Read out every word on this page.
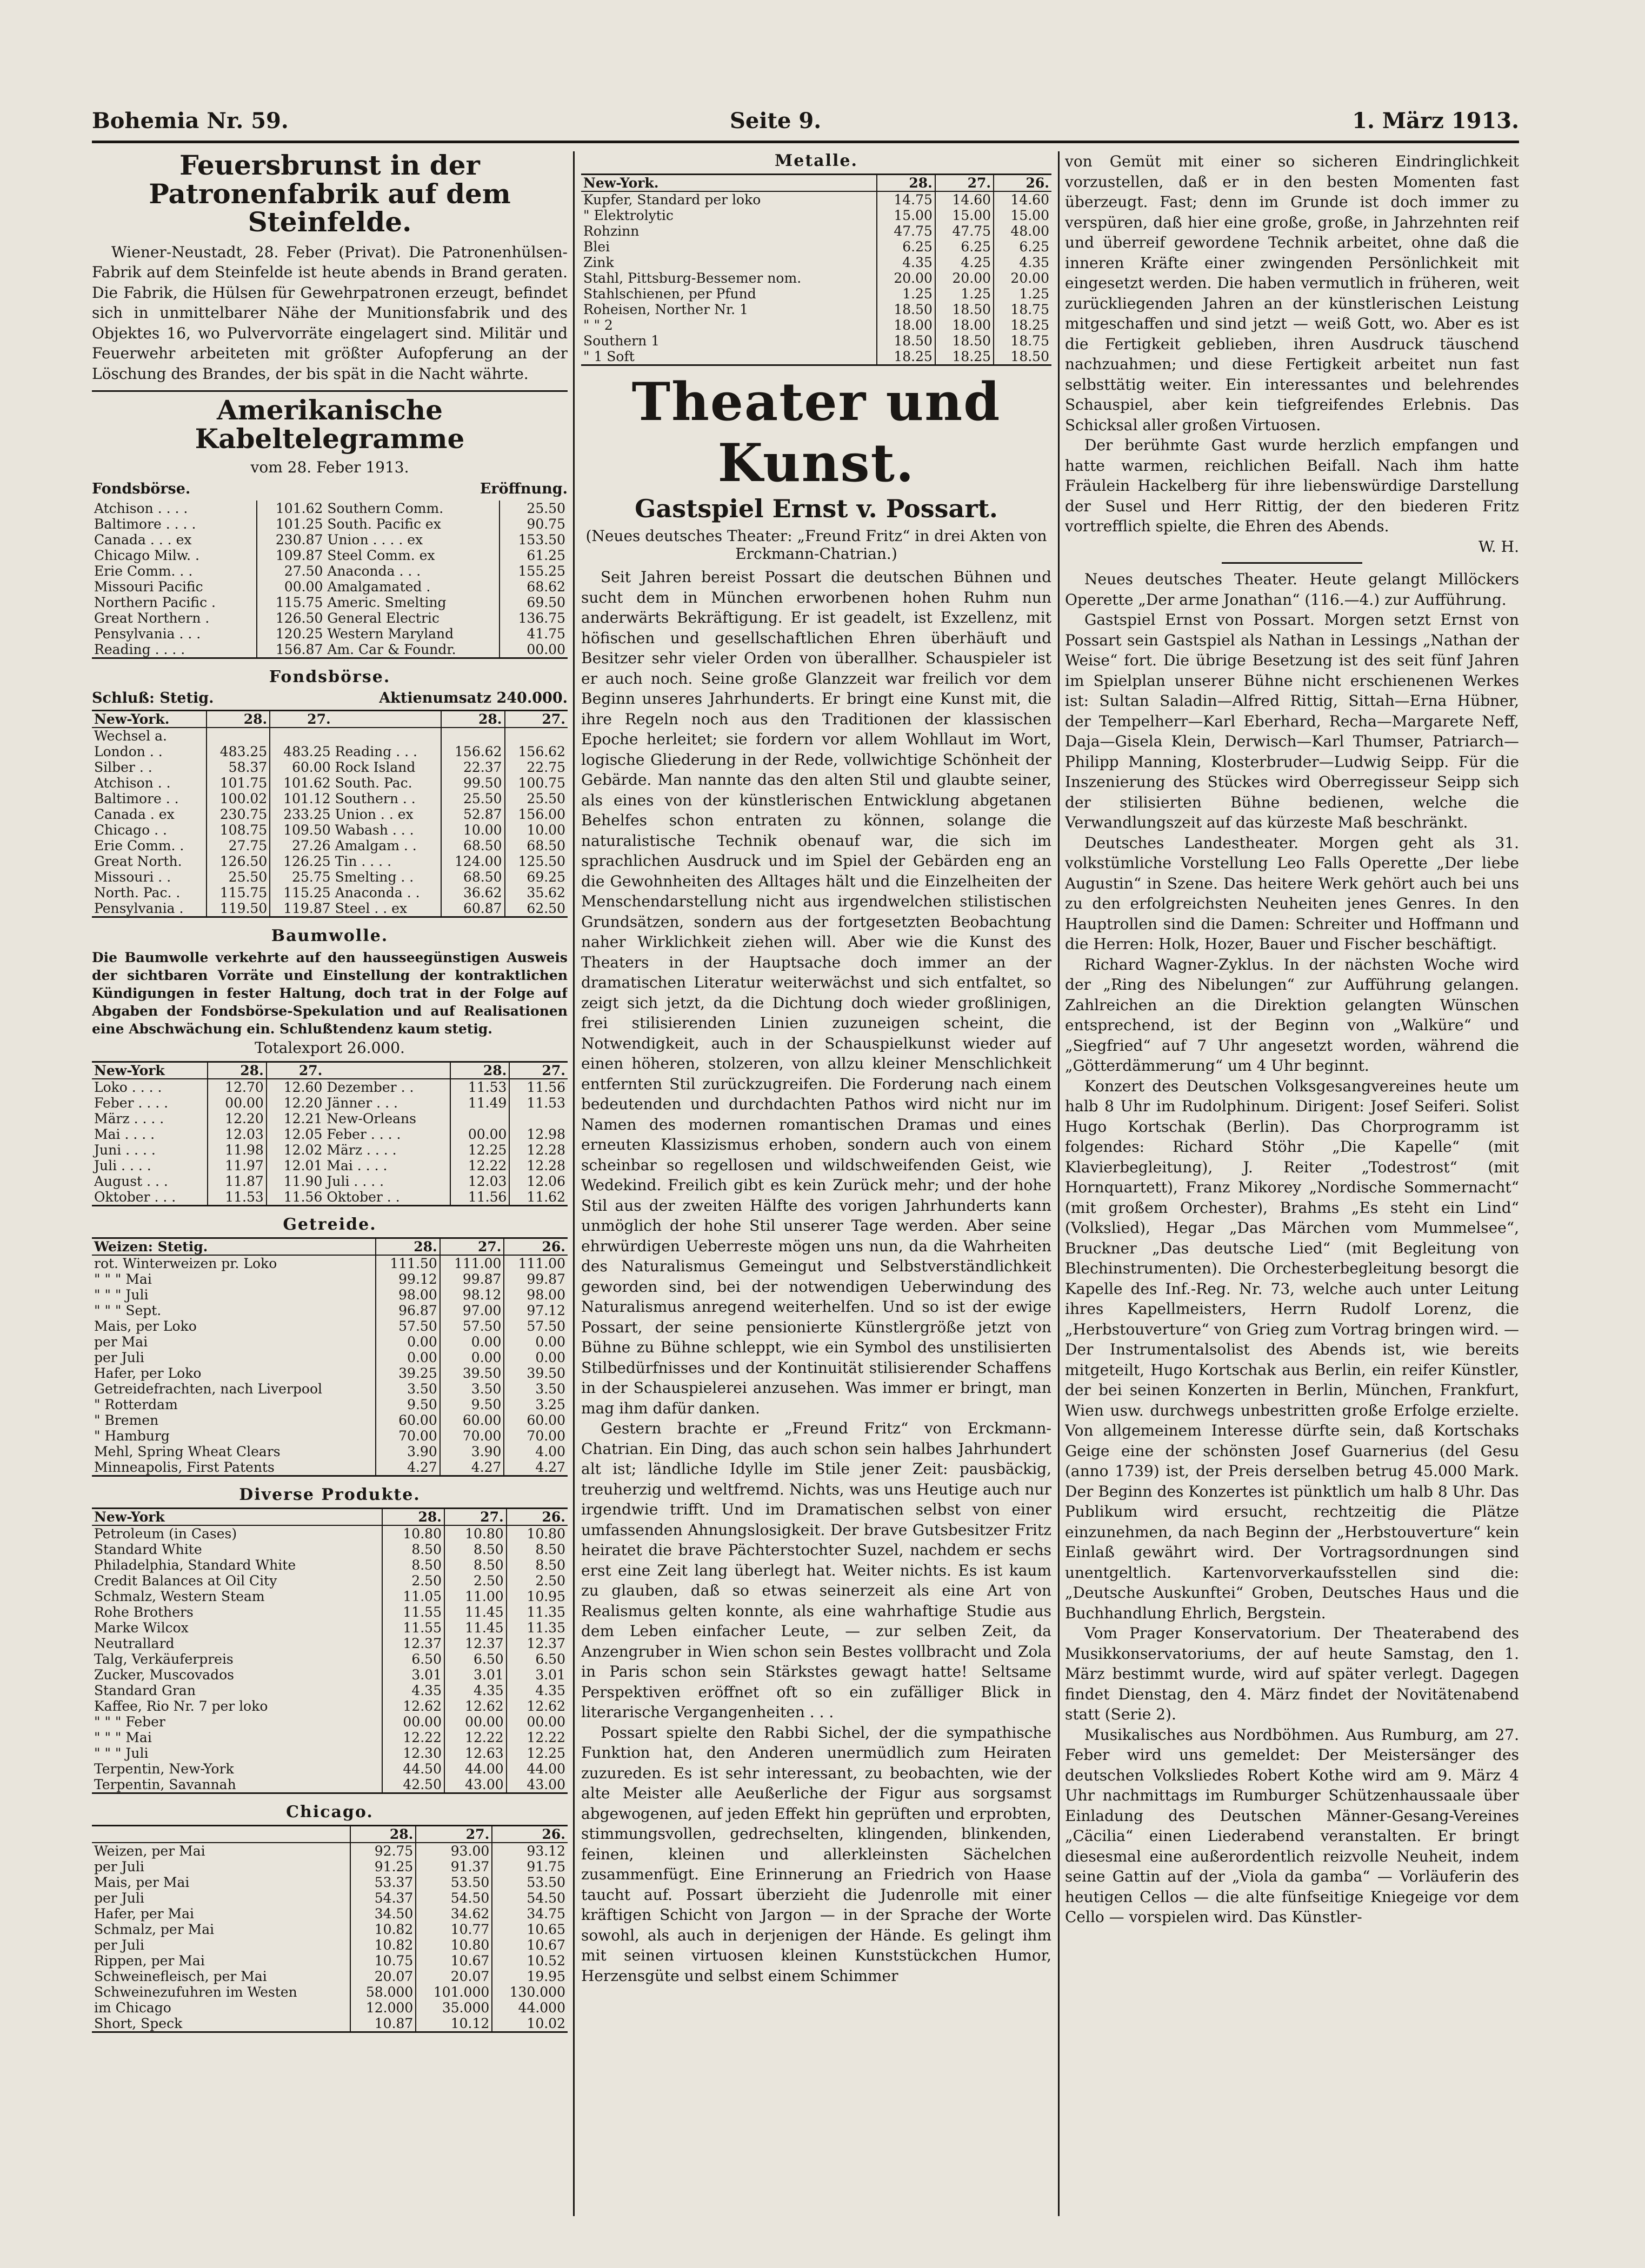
Bohemia Nr. 59.	Seite 9.	1. März 1913.
Feuersbrunst in der Patronenfabrik auf dem Steinfelde.

Wiener-Neustadt, 28. Feber (Privat). Die Patronenhülsen-Fabrik auf dem Steinfelde ist heute abends in Brand geraten. Die Fabrik, die Hülsen für Gewehrpatronen erzeugt, befindet sich in unmittelbarer Nähe der Munitionsfabrik und des Objektes 16, wo Pulvervorräte eingelagert sind. Militär und Feuerwehr arbeiteten mit größter Aufopferung an der Löschung des Brandes, der bis spät in die Nacht währte.

Amerikanische Kabeltelegramme
vom 28. Feber 1913.
Fondsbörse.	Eröffnung.
Atchison . . . .	101.62	Southern Comm.	25.50
Baltimore . . . .	101.25	South. Pacific ex	90.75
Canada . . . ex	230.87	Union . . . . ex	153.50
Chicago Milw. .	109.87	Steel Comm. ex	61.25
Erie Comm. . .	27.50	Anaconda . . .	155.25
Missouri Pacific	00.00	Amalgamated .	68.62
Northern Pacific .	115.75	Americ. Smelting	69.50
Great Northern .	126.50	General Electric	136.75
Pensylvania . . .	120.25	Western Maryland	41.75
Reading . . . .	156.87	Am. Car & Foundr.	00.00
Fondsbörse.
Schluß: Stetig.	Aktienumsatz 240.000.
New-York.	28.	27.		28.	27.
Wechsel a.					
London . .	483.25	483.25	Reading . . .	156.62	156.62
Silber . .	58.37	60.00	Rock Island	22.37	22.75
Atchison . .	101.75	101.62	South. Pac.	99.50	100.75
Baltimore . .	100.02	101.12	Southern . .	25.50	25.50
Canada . ex	230.75	233.25	Union . . ex	52.87	156.00
Chicago . .	108.75	109.50	Wabash . . .	10.00	10.00
Erie Comm. .	27.75	27.26	Amalgam . .	68.50	68.50
Great North.	126.50	126.25	Tin . . . .	124.00	125.50
Missouri . .	25.50	25.75	Smelting . .	68.50	69.25
North. Pac. .	115.75	115.25	Anaconda . .	36.62	35.62
Pensylvania .	119.50	119.87	Steel . . ex	60.87	62.50
Baumwolle.

Die Baumwolle verkehrte auf den hausseegünstigen Ausweis der sichtbaren Vorräte und Einstellung der kontraktlichen Kündigungen in fester Haltung, doch trat in der Folge auf Abgaben der Fondsbörse-Spekulation und auf Realisationen eine Abschwächung ein. Schlußtendenz kaum stetig.

Totalexport 26.000.
New-York	28.	27.		28.	27.
Loko . . . .	12.70	12.60	Dezember . .	11.53	11.56
Feber . . . .	00.00	12.20	Jänner . . .	11.49	11.53
März . . . .	12.20	12.21	New-Orleans		
Mai . . . .	12.03	12.05	Feber . . . .	00.00	12.98
Juni . . . .	11.98	12.02	März . . . .	12.25	12.28
Juli . . . .	11.97	12.01	Mai . . . .	12.22	12.28
August . . .	11.87	11.90	Juli . . . .	12.03	12.06
Oktober . . .	11.53	11.56	Oktober . .	11.56	11.62
Getreide.
Weizen: Stetig.	28.	27.	26.
rot. Winterweizen pr. Loko	111.50	111.00	111.00
" " " Mai	99.12	99.87	99.87
" " " Juli	98.00	98.12	98.00
" " " Sept.	96.87	97.00	97.12
Mais, per Loko	57.50	57.50	57.50
per Mai	0.00	0.00	0.00
per Juli	0.00	0.00	0.00
Hafer, per Loko	39.25	39.50	39.50
Getreidefrachten, nach Liverpool	3.50	3.50	3.50
" Rotterdam	9.50	9.50	3.25
" Bremen	60.00	60.00	60.00
" Hamburg	70.00	70.00	70.00
Mehl, Spring Wheat Clears	3.90	3.90	4.00
Minneapolis, First Patents	4.27	4.27	4.27
Diverse Produkte.
New-York	28.	27.	26.
Petroleum (in Cases)	10.80	10.80	10.80
Standard White	8.50	8.50	8.50
Philadelphia, Standard White	8.50	8.50	8.50
Credit Balances at Oil City	2.50	2.50	2.50
Schmalz, Western Steam	11.05	11.00	10.95
Rohe Brothers	11.55	11.45	11.35
Marke Wilcox	11.55	11.45	11.35
Neutrallard	12.37	12.37	12.37
Talg, Verkäuferpreis	6.50	6.50	6.50
Zucker, Muscovados	3.01	3.01	3.01
Standard Gran	4.35	4.35	4.35
Kaffee, Rio Nr. 7 per loko	12.62	12.62	12.62
" " " Feber	00.00	00.00	00.00
" " " Mai	12.22	12.22	12.22
" " " Juli	12.30	12.63	12.25
Terpentin, New-York	44.50	44.00	44.00
Terpentin, Savannah	42.50	43.00	43.00
Chicago.
	28.	27.	26.
Weizen, per Mai	92.75	93.00	93.12
per Juli	91.25	91.37	91.75
Mais, per Mai	53.37	53.50	53.50
per Juli	54.37	54.50	54.50
Hafer, per Mai	34.50	34.62	34.75
Schmalz, per Mai	10.82	10.77	10.65
per Juli	10.82	10.80	10.67
Rippen, per Mai	10.75	10.67	10.52
Schweinefleisch, per Mai	20.07	20.07	19.95
Schweinezufuhren im Westen	58.000	101.000	130.000
im Chicago	12.000	35.000	44.000
Short, Speck	10.87	10.12	10.02
Metalle.
New-York.	28.	27.	26.
Kupfer, Standard per loko	14.75	14.60	14.60
" Elektrolytic	15.00	15.00	15.00
Rohzinn	47.75	47.75	48.00
Blei	6.25	6.25	6.25
Zink	4.35	4.25	4.35
Stahl, Pittsburg-Bessemer nom.	20.00	20.00	20.00
Stahlschienen, per Pfund	1.25	1.25	1.25
Roheisen, Norther Nr. 1	18.50	18.50	18.75
" " 2	18.00	18.00	18.25
Southern 1	18.50	18.50	18.75
" 1 Soft	18.25	18.25	18.50
Theater und Kunst.
Gastspiel Ernst v. Possart.
(Neues deutsches Theater: „Freund Fritz“ in drei Akten von Erckmann-Chatrian.)

Seit Jahren bereist Possart die deutschen Bühnen und sucht dem in München erworbenen hohen Ruhm nun anderwärts Bekräftigung. Er ist geadelt, ist Exzellenz, mit höfischen und gesellschaftlichen Ehren überhäuft und Besitzer sehr vieler Orden von überallher. Schauspieler ist er auch noch. Seine große Glanzzeit war freilich vor dem Beginn unseres Jahrhunderts. Er bringt eine Kunst mit, die ihre Regeln noch aus den Traditionen der klassischen Epoche herleitet; sie fordern vor allem Wohllaut im Wort, logische Gliederung in der Rede, vollwichtige Schönheit der Gebärde. Man nannte das den alten Stil und glaubte seiner, als eines von der künstlerischen Entwicklung abgetanen Behelfes schon entraten zu können, solange die naturalistische Technik obenauf war, die sich im sprachlichen Ausdruck und im Spiel der Gebärden eng an die Gewohnheiten des Alltages hält und die Einzelheiten der Menschendarstellung nicht aus irgendwelchen stilistischen Grundsätzen, sondern aus der fortgesetzten Beobachtung naher Wirklichkeit ziehen will. Aber wie die Kunst des Theaters in der Hauptsache doch immer an der dramatischen Literatur weiterwächst und sich entfaltet, so zeigt sich jetzt, da die Dichtung doch wieder großlinigen, frei stilisierenden Linien zuzuneigen scheint, die Notwendigkeit, auch in der Schauspielkunst wieder auf einen höheren, stolzeren, von allzu kleiner Menschlichkeit entfernten Stil zurückzugreifen. Die Forderung nach einem bedeutenden und durchdachten Pathos wird nicht nur im Namen des modernen romantischen Dramas und eines erneuten Klassizismus erhoben, sondern auch von einem scheinbar so regellosen und wildschweifenden Geist, wie Wedekind. Freilich gibt es kein Zurück mehr; und der hohe Stil aus der zweiten Hälfte des vorigen Jahrhunderts kann unmöglich der hohe Stil unserer Tage werden. Aber seine ehrwürdigen Ueberreste mögen uns nun, da die Wahrheiten des Naturalismus Gemeingut und Selbstverständlichkeit geworden sind, bei der notwendigen Ueberwindung des Naturalismus anregend weiterhelfen. Und so ist der ewige Possart, der seine pensionierte Künstlergröße jetzt von Bühne zu Bühne schleppt, wie ein Symbol des unstilisierten Stilbedürfnisses und der Kontinuität stilisierender Schaffens in der Schauspielerei anzusehen. Was immer er bringt, man mag ihm dafür danken.

Gestern brachte er „Freund Fritz“ von Erckmann-Chatrian. Ein Ding, das auch schon sein halbes Jahrhundert alt ist; ländliche Idylle im Stile jener Zeit: pausbäckig, treuherzig und weltfremd. Nichts, was uns Heutige auch nur irgendwie trifft. Und im Dramatischen selbst von einer umfassenden Ahnungslosigkeit. Der brave Gutsbesitzer Fritz heiratet die brave Pächterstochter Suzel, nachdem er sechs erst eine Zeit lang überlegt hat. Weiter nichts. Es ist kaum zu glauben, daß so etwas seinerzeit als eine Art von Realismus gelten konnte, als eine wahrhaftige Studie aus dem Leben einfacher Leute, — zur selben Zeit, da Anzengruber in Wien schon sein Bestes vollbracht und Zola in Paris schon sein Stärkstes gewagt hatte! Seltsame Perspektiven eröffnet oft so ein zufälliger Blick in literarische Vergangenheiten . . .

Possart spielte den Rabbi Sichel, der die sympathische Funktion hat, den Anderen unermüdlich zum Heiraten zuzureden. Es ist sehr interessant, zu beobachten, wie der alte Meister alle Aeußerliche der Figur aus sorgsamst abgewogenen, auf jeden Effekt hin geprüften und erprobten, stimmungsvollen, gedrechselten, klingenden, blinkenden, feinen, kleinen und allerkleinsten Sächelchen zusammenfügt. Eine Erinnerung an Friedrich von Haase taucht auf. Possart überzieht die Judenrolle mit einer kräftigen Schicht von Jargon — in der Sprache der Worte sowohl, als auch in derjenigen der Hände. Es gelingt ihm mit seinen virtuosen kleinen Kunststückchen Humor, Herzensgüte und selbst einem Schimmer

von Gemüt mit einer so sicheren Eindringlichkeit vorzustellen, daß er in den besten Momenten fast überzeugt. Fast; denn im Grunde ist doch immer zu verspüren, daß hier eine große, große, in Jahrzehnten reif und überreif gewordene Technik arbeitet, ohne daß die inneren Kräfte einer zwingenden Persönlichkeit mit eingesetzt werden. Die haben vermutlich in früheren, weit zurückliegenden Jahren an der künstlerischen Leistung mitgeschaffen und sind jetzt — weiß Gott, wo. Aber es ist die Fertigkeit geblieben, ihren Ausdruck täuschend nachzuahmen; und diese Fertigkeit arbeitet nun fast selbsttätig weiter. Ein interessantes und belehrendes Schauspiel, aber kein tiefgreifendes Erlebnis. Das Schicksal aller großen Virtuosen.

Der berühmte Gast wurde herzlich empfangen und hatte warmen, reichlichen Beifall. Nach ihm hatte Fräulein Hackelberg für ihre liebenswürdige Darstellung der Susel und Herr Rittig, der den biederen Fritz vortrefflich spielte, die Ehren des Abends.

W. H.

Neues deutsches Theater. Heute gelangt Millöckers Operette „Der arme Jonathan“ (116.—4.) zur Aufführung.

Gastspiel Ernst von Possart. Morgen setzt Ernst von Possart sein Gastspiel als Nathan in Lessings „Nathan der Weise“ fort. Die übrige Besetzung ist des seit fünf Jahren im Spielplan unserer Bühne nicht erschienenen Werkes ist: Sultan Saladin—Alfred Rittig, Sittah—Erna Hübner, der Tempelherr—Karl Eberhard, Recha—Margarete Neff, Daja—Gisela Klein, Derwisch—Karl Thumser, Patriarch—Philipp Manning, Klosterbruder—Ludwig Seipp. Für die Inszenierung des Stückes wird Oberregisseur Seipp sich der stilisierten Bühne bedienen, welche die Verwandlungszeit auf das kürzeste Maß beschränkt.

Deutsches Landestheater. Morgen geht als 31. volkstümliche Vorstellung Leo Falls Operette „Der liebe Augustin“ in Szene. Das heitere Werk gehört auch bei uns zu den erfolgreichsten Neuheiten jenes Genres. In den Hauptrollen sind die Damen: Schreiter und Hoffmann und die Herren: Holk, Hozer, Bauer und Fischer beschäftigt.

Richard Wagner-Zyklus. In der nächsten Woche wird der „Ring des Nibelungen“ zur Aufführung gelangen. Zahlreichen an die Direktion gelangten Wünschen entsprechend, ist der Beginn von „Walküre“ und „Siegfried“ auf 7 Uhr angesetzt worden, während die „Götterdämmerung“ um 4 Uhr beginnt.

Konzert des Deutschen Volksgesangvereines heute um halb 8 Uhr im Rudolphinum. Dirigent: Josef Seiferi. Solist Hugo Kortschak (Berlin). Das Chorprogramm ist folgendes: Richard Stöhr „Die Kapelle“ (mit Klavierbegleitung), J. Reiter „Todestrost“ (mit Hornquartett), Franz Mikorey „Nordische Sommernacht“ (mit großem Orchester), Brahms „Es steht ein Lind“ (Volkslied), Hegar „Das Märchen vom Mummelsee“, Bruckner „Das deutsche Lied“ (mit Begleitung von Blechinstrumenten). Die Orchesterbegleitung besorgt die Kapelle des Inf.-Reg. Nr. 73, welche auch unter Leitung ihres Kapellmeisters, Herrn Rudolf Lorenz, die „Herbstouverture“ von Grieg zum Vortrag bringen wird. — Der Instrumentalsolist des Abends ist, wie bereits mitgeteilt, Hugo Kortschak aus Berlin, ein reifer Künstler, der bei seinen Konzerten in Berlin, München, Frankfurt, Wien usw. durchwegs unbestritten große Erfolge erzielte. Von allgemeinem Interesse dürfte sein, daß Kortschaks Geige eine der schönsten Josef Guarnerius (del Gesu (anno 1739) ist, der Preis derselben betrug 45.000 Mark. Der Beginn des Konzertes ist pünktlich um halb 8 Uhr. Das Publikum wird ersucht, rechtzeitig die Plätze einzunehmen, da nach Beginn der „Herbstouverture“ kein Einlaß gewährt wird. Der Vortragsordnungen sind unentgeltlich. Kartenvorverkaufsstellen sind die: „Deutsche Auskunftei“ Groben, Deutsches Haus und die Buchhandlung Ehrlich, Bergstein.

Vom Prager Konservatorium. Der Theaterabend des Musikkonservatoriums, der auf heute Samstag, den 1. März bestimmt wurde, wird auf später verlegt. Dagegen findet Dienstag, den 4. März findet der Novitätenabend statt (Serie 2).

Musikalisches aus Nordböhmen. Aus Rumburg, am 27. Feber wird uns gemeldet: Der Meistersänger des deutschen Volksliedes Robert Kothe wird am 9. März 4 Uhr nachmittags im Rumburger Schützenhaussaale über Einladung des Deutschen Männer-Gesang-Vereines „Cäcilia“ einen Liederabend veranstalten. Er bringt diesesmal eine außerordentlich reizvolle Neuheit, indem seine Gattin auf der „Viola da gamba“ — Vorläuferin des heutigen Cellos — die alte fünfseitige Kniegeige vor dem Cello — vorspielen wird. Das Künstler-
